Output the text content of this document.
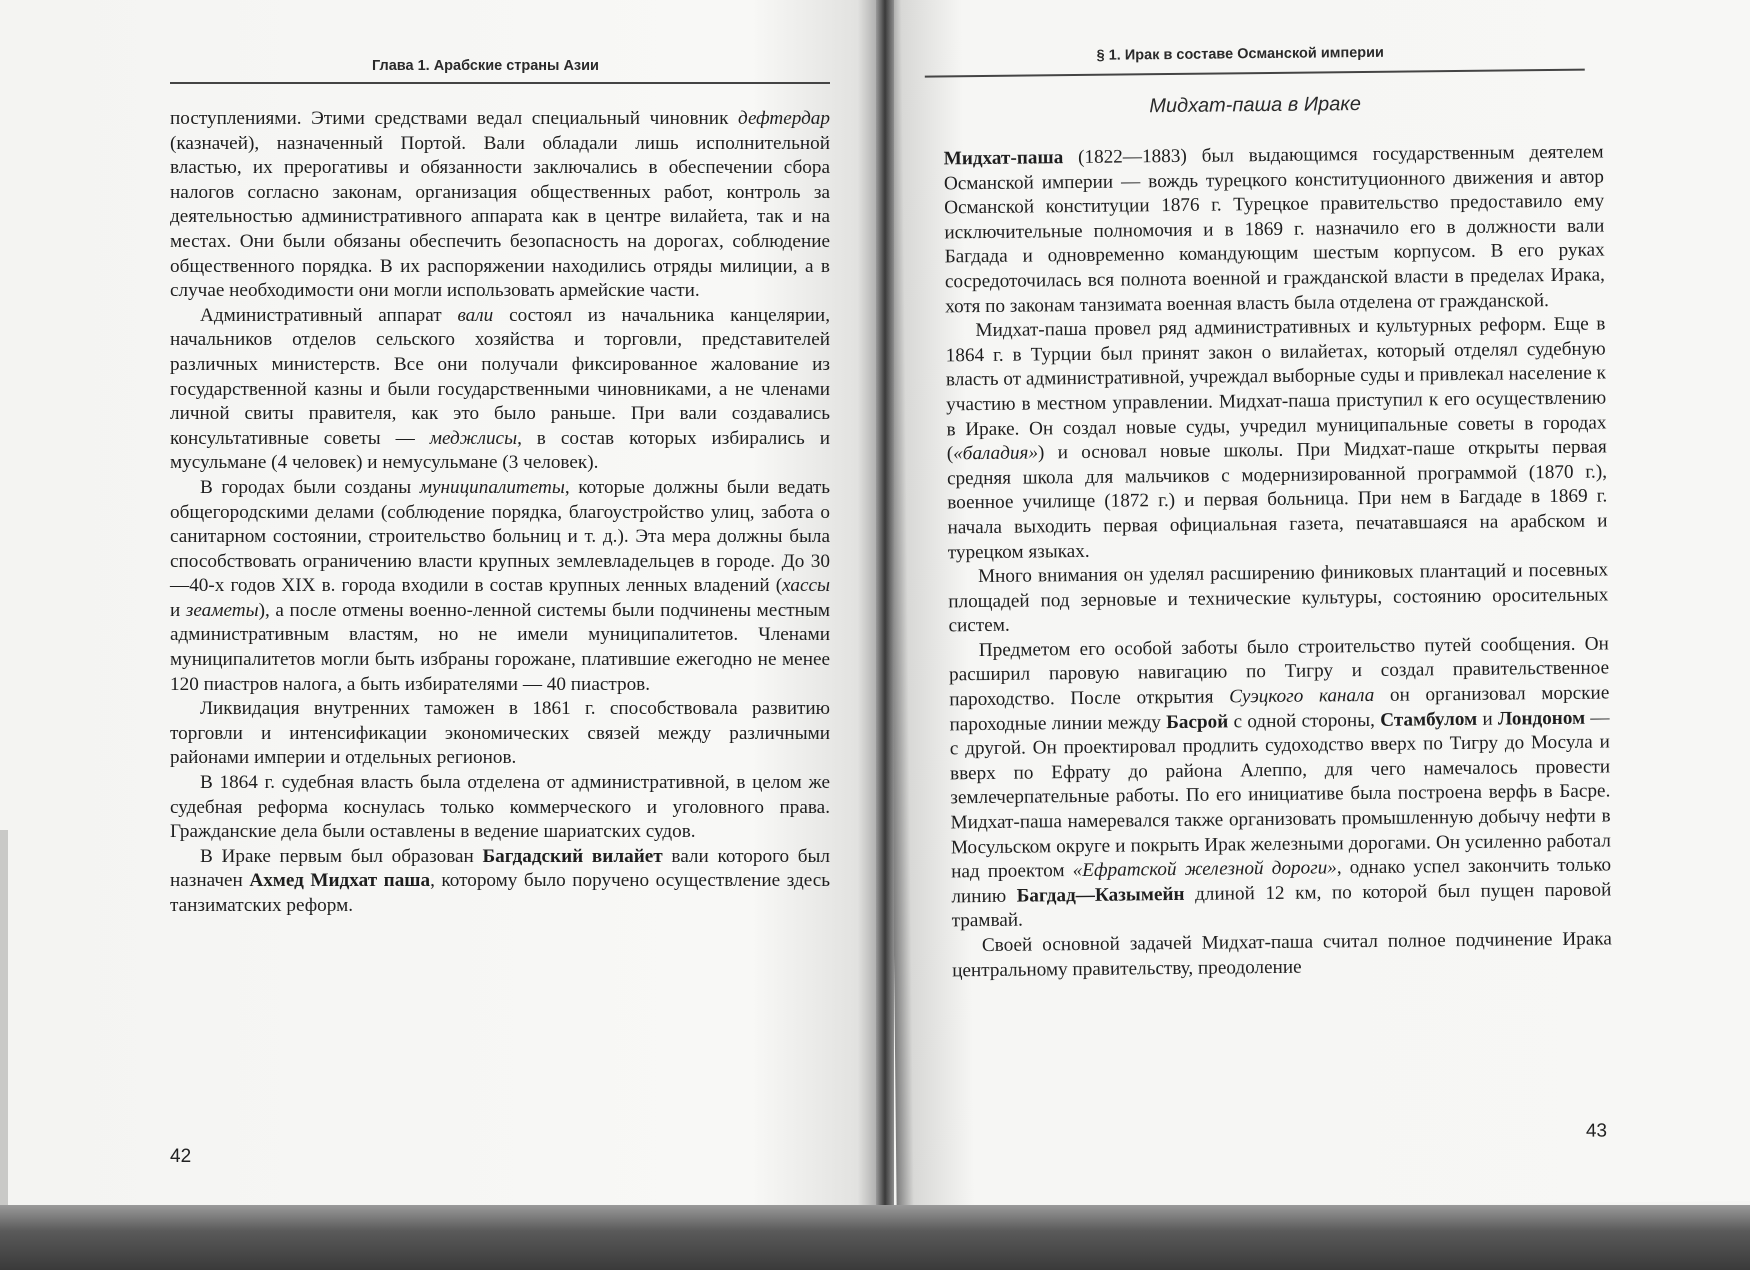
Глава 1. Арабские страны Азии

поступлениями. Этими средствами ведал специальный чиновник дефтердар (казначей), назначенный Портой. Вали обладали лишь исполнительной властью, их прерогативы и обязанности заключались в обеспечении сбора налогов согласно законам, организация общественных работ, контроль за деятельностью административного аппарата как в центре вилайета, так и на местах. Они были обязаны обеспечить безопасность на дорогах, соблюдение общественного порядка. В их распоряжении находились отряды милиции, а в случае необходимости они могли использовать армейские части.

Административный аппарат вали состоял из начальника канцелярии, начальников отделов сельского хозяйства и торговли, представителей различных министерств. Все они получали фиксированное жалование из государственной казны и были государственными чиновниками, а не членами личной свиты правителя, как это было раньше. При вали создавались консультативные советы — меджлисы, в состав которых избирались и мусульмане (4 человек) и немусульмане (3 человек).

В городах были созданы муниципалитеты, которые должны были ведать общегородскими делами (соблюдение порядка, благоустройство улиц, забота о санитарном состоянии, строительство больниц и т. д.). Эта мера должны была способствовать ограничению власти крупных землевладельцев в городе. До 30—40-х годов XIX в. города входили в состав крупных ленных владений (хассы и зеаметы), а после отмены военно-ленной системы были подчинены местным административным властям, но не имели муниципалитетов. Членами муниципалитетов могли быть избраны горожане, платившие ежегодно не менее 120 пиастров налога, а быть избирателями — 40 пиастров.

Ликвидация внутренних таможен в 1861 г. способствовала развитию торговли и интенсификации экономических связей между различными районами империи и отдельных регионов.

В 1864 г. судебная власть была отделена от административной, в целом же судебная реформа коснулась только коммерческого и уголовного права. Гражданские дела были оставлены в ведение шариатских судов.

В Ираке первым был образован Багдадский вилайет вали которого был назначен Ахмед Мидхат паша, которому было поручено осуществление здесь танзиматских реформ.

42
§ 1. Ирак в составе Османской империи
Мидхат-паша в Ираке

Мидхат-паша (1822—1883) был выдающимся государственным деятелем Османской империи — вождь турецкого конституционного движения и автор Османской конституции 1876 г. Турецкое правительство предоставило ему исключительные полномочия и в 1869 г. назначило его в должности вали Багдада и одновременно командующим шестым корпусом. В его руках сосредоточилась вся полнота военной и гражданской власти в пределах Ирака, хотя по законам танзимата военная власть была отделена от гражданской.

Мидхат-паша провел ряд административных и культурных реформ. Еще в 1864 г. в Турции был принят закон о вилайетах, который отделял судебную власть от административной, учреждал выборные суды и привлекал население к участию в местном управлении. Мидхат-паша приступил к его осуществлению в Ираке. Он создал новые суды, учредил муниципальные советы в городах («баладия») и основал новые школы. При Мидхат-паше открыты первая средняя школа для мальчиков с модернизированной программой (1870 г.), военное училище (1872 г.) и первая больница. При нем в Багдаде в 1869 г. начала выходить первая официальная газета, печатавшаяся на арабском и турецком языках.

Много внимания он уделял расширению финиковых плантаций и посевных площадей под зерновые и технические культуры, состоянию оросительных систем.

Предметом его особой заботы было строительство путей сообщения. Он расширил паровую навигацию по Тигру и создал правительственное пароходство. После открытия Суэцкого канала он организовал морские пароходные линии между Басрой с одной стороны, Стамбулом и Лондоном — с другой. Он проектировал продлить судоходство вверх по Тигру до Мосула и вверх по Ефрату до района Алеппо, для чего намечалось провести землечерпательные работы. По его инициативе была построена верфь в Басре. Мидхат-паша намеревался также организовать промышленную добычу нефти в Мосульском округе и покрыть Ирак железными дорогами. Он усиленно работал над проектом «Ефратской железной дороги», однако успел закончить только линию Багдад—Казымейн длиной 12 км, по которой был пущен паровой трамвай.

Своей основной задачей Мидхат-паша считал полное подчинение Ирака центральному правительству, преодоление

43
